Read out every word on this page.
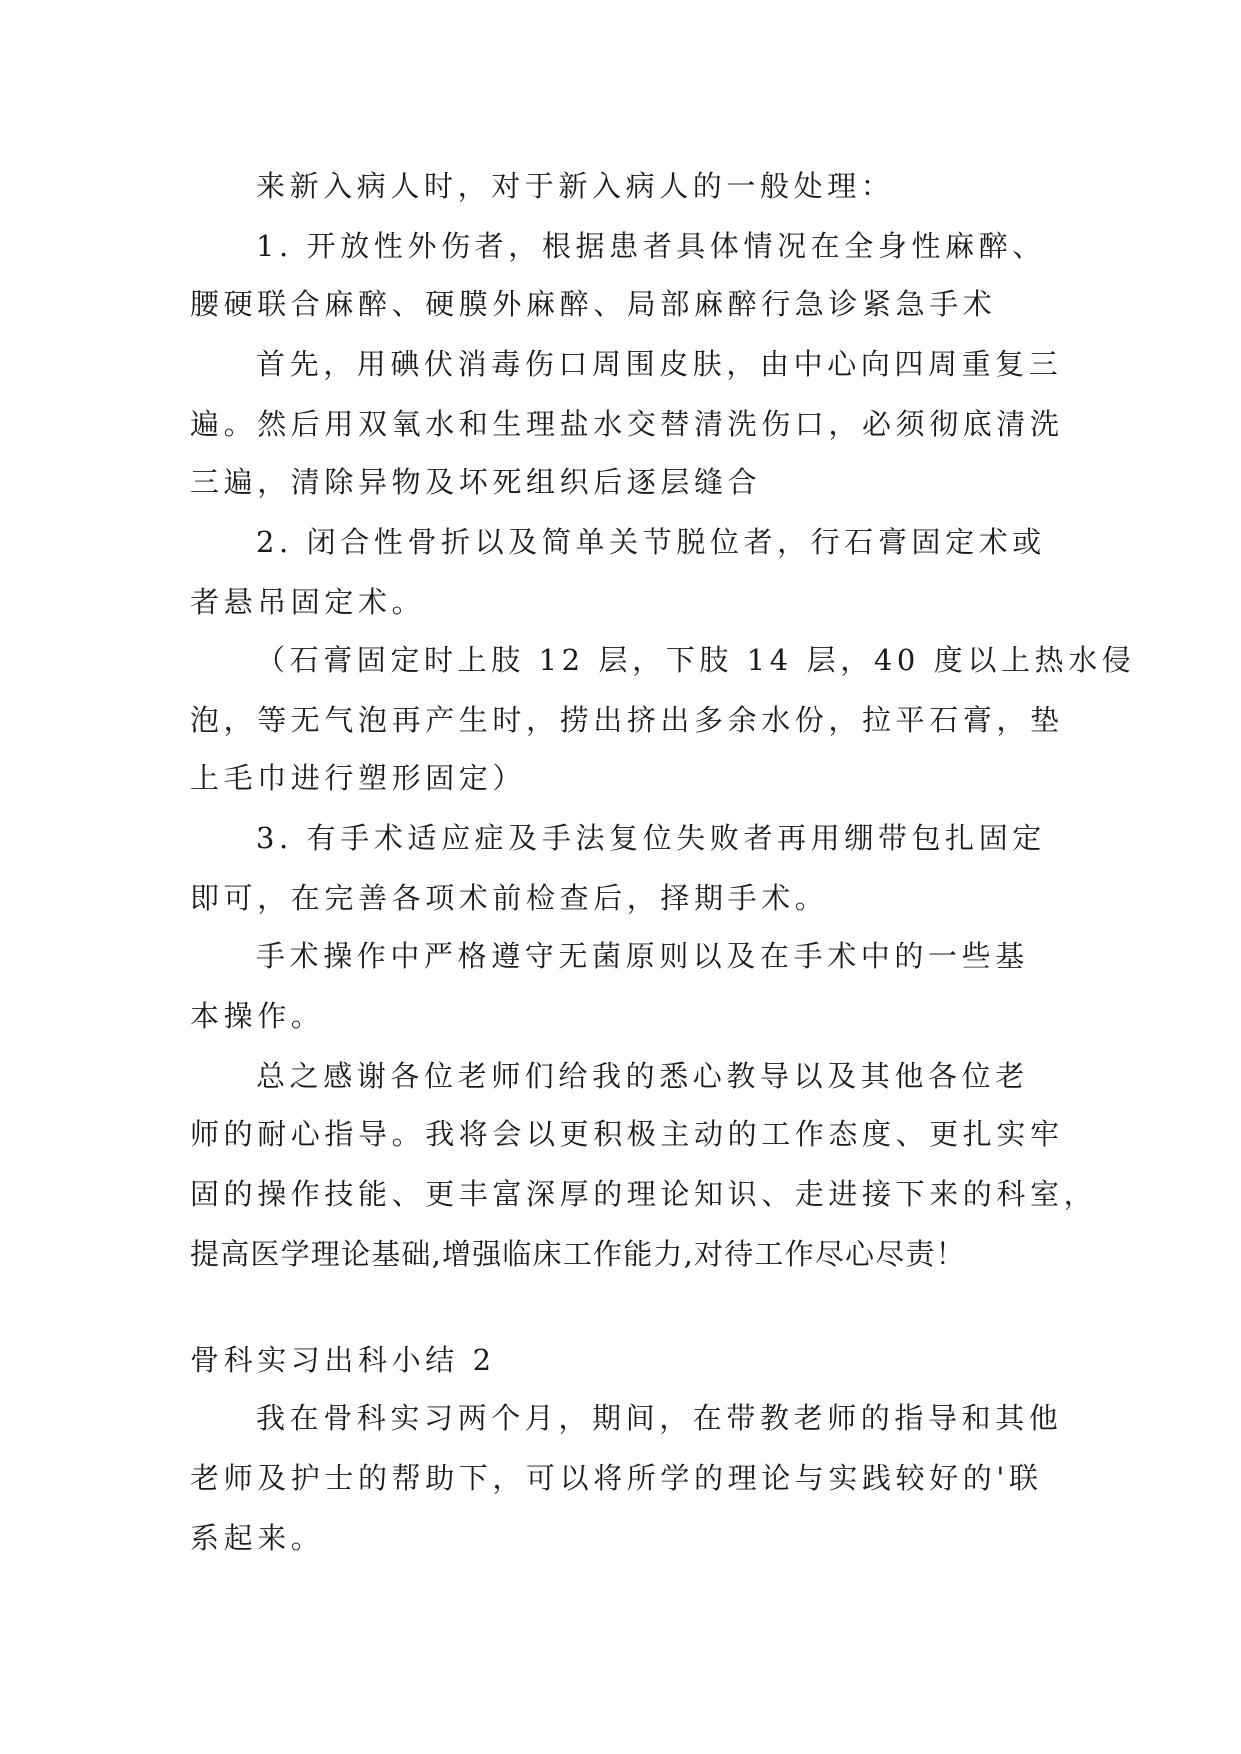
来新入病人时，对于新入病人的一般处理：
1. 开放性外伤者，根据患者具体情况在全身性麻醉、
腰硬联合麻醉、硬膜外麻醉、局部麻醉行急诊紧急手术
首先，用碘伏消毒伤口周围皮肤，由中心向四周重复三
遍。然后用双氧水和生理盐水交替清洗伤口，必须彻底清洗
三遍，清除异物及坏死组织后逐层缝合
2. 闭合性骨折以及简单关节脱位者，行石膏固定术或
者悬吊固定术。
（石膏固定时上肢 12 层，下肢 14 层，40 度以上热水侵
泡，等无气泡再产生时，捞出挤出多余水份，拉平石膏，垫
上毛巾进行塑形固定）
3. 有手术适应症及手法复位失败者再用绷带包扎固定
即可，在完善各项术前检查后，择期手术。
手术操作中严格遵守无菌原则以及在手术中的一些基
本操作。
总之感谢各位老师们给我的悉心教导以及其他各位老
师的耐心指导。我将会以更积极主动的工作态度、更扎实牢
固的操作技能、更丰富深厚的理论知识、走进接下来的科室，
提高医学理论基础,增强临床工作能力,对待工作尽心尽责！
骨科实习出科小结 2
我在骨科实习两个月，期间，在带教老师的指导和其他
老师及护士的帮助下，可以将所学的理论与实践较好的'联
系起来。
